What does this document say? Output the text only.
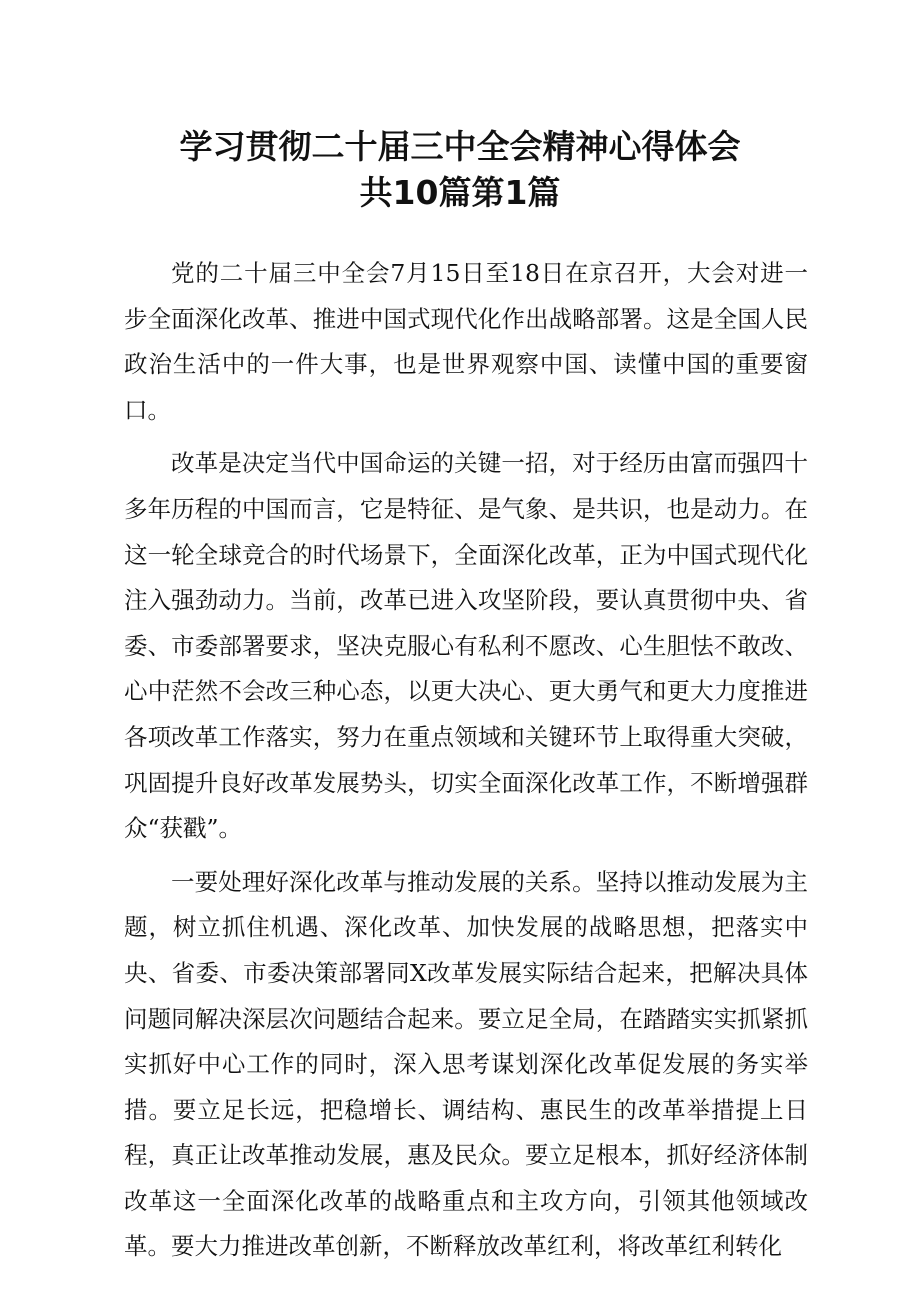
学习贯彻二十届三中全会精神心得体会
共10篇第1篇

党的二十届三中全会7月15日至18日在京召开，大会对进一步全面深化改革、推进中国式现代化作出战略部署。这是全国人民政治生活中的一件大事，也是世界观察中国、读懂中国的重要窗口。

改革是决定当代中国命运的关键一招，对于经历由富而强四十多年历程的中国而言，它是特征、是气象、是共识，也是动力。在这一轮全球竞合的时代场景下，全面深化改革，正为中国式现代化注入强劲动力。当前，改革已进入攻坚阶段，要认真贯彻中央、省委、市委部署要求，坚决克服心有私利不愿改、心生胆怯不敢改、心中茫然不会改三种心态，以更大决心、更大勇气和更大力度推进各项改革工作落实，努力在重点领域和关键环节上取得重大突破，巩固提升良好改革发展势头，切实全面深化改革工作，不断增强群众“获戳”。

一要处理好深化改革与推动发展的关系。坚持以推动发展为主题，树立抓住机遇、深化改革、加快发展的战略思想，把落实中央、省委、市委决策部署同X改革发展实际结合起来，把解决具体问题同解决深层次问题结合起来。要立足全局，在踏踏实实抓紧抓实抓好中心工作的同时，深入思考谋划深化改革促发展的务实举措。要立足长远，把稳增长、调结构、惠民生的改革举措提上日程，真正让改革推动发展，惠及民众。要立足根本，抓好经济体制改革这一全面深化改革的战略重点和主攻方向，引领其他领域改革。要大力推进改革创新，不断释放改革红利，将改革红利转化
